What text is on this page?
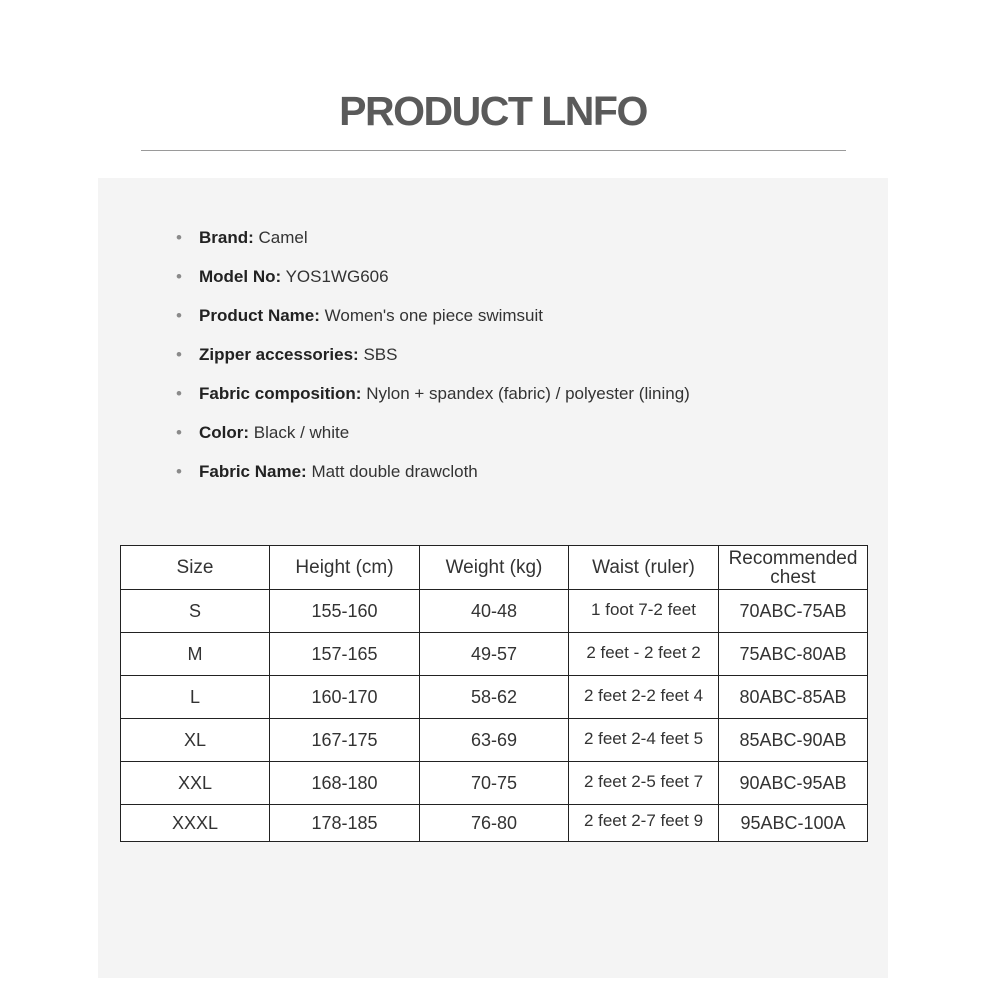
PRODUCT LNFO
• Brand: Camel
• Model No: YOS1WG606
• Product Name: Women's one piece swimsuit
• Zipper accessories: SBS
• Fabric composition: Nylon + spandex (fabric) / polyester (lining)
• Color: Black / white
• Fabric Name: Matt double drawcloth
Size	Height (cm)	Weight (kg)	Waist (ruler)	Recommended chest
S	155-160	40-48	1 foot 7-2 feet	70ABC-75AB
M	157-165	49-57	2 feet - 2 feet 2	75ABC-80AB
L	160-170	58-62	2 feet 2-2 feet 4	80ABC-85AB
XL	167-175	63-69	2 feet 2-4 feet 5	85ABC-90AB
XXL	168-180	70-75	2 feet 2-5 feet 7	90ABC-95AB
XXXL	178-185	76-80	2 feet 2-7 feet 9	95ABC-100A
